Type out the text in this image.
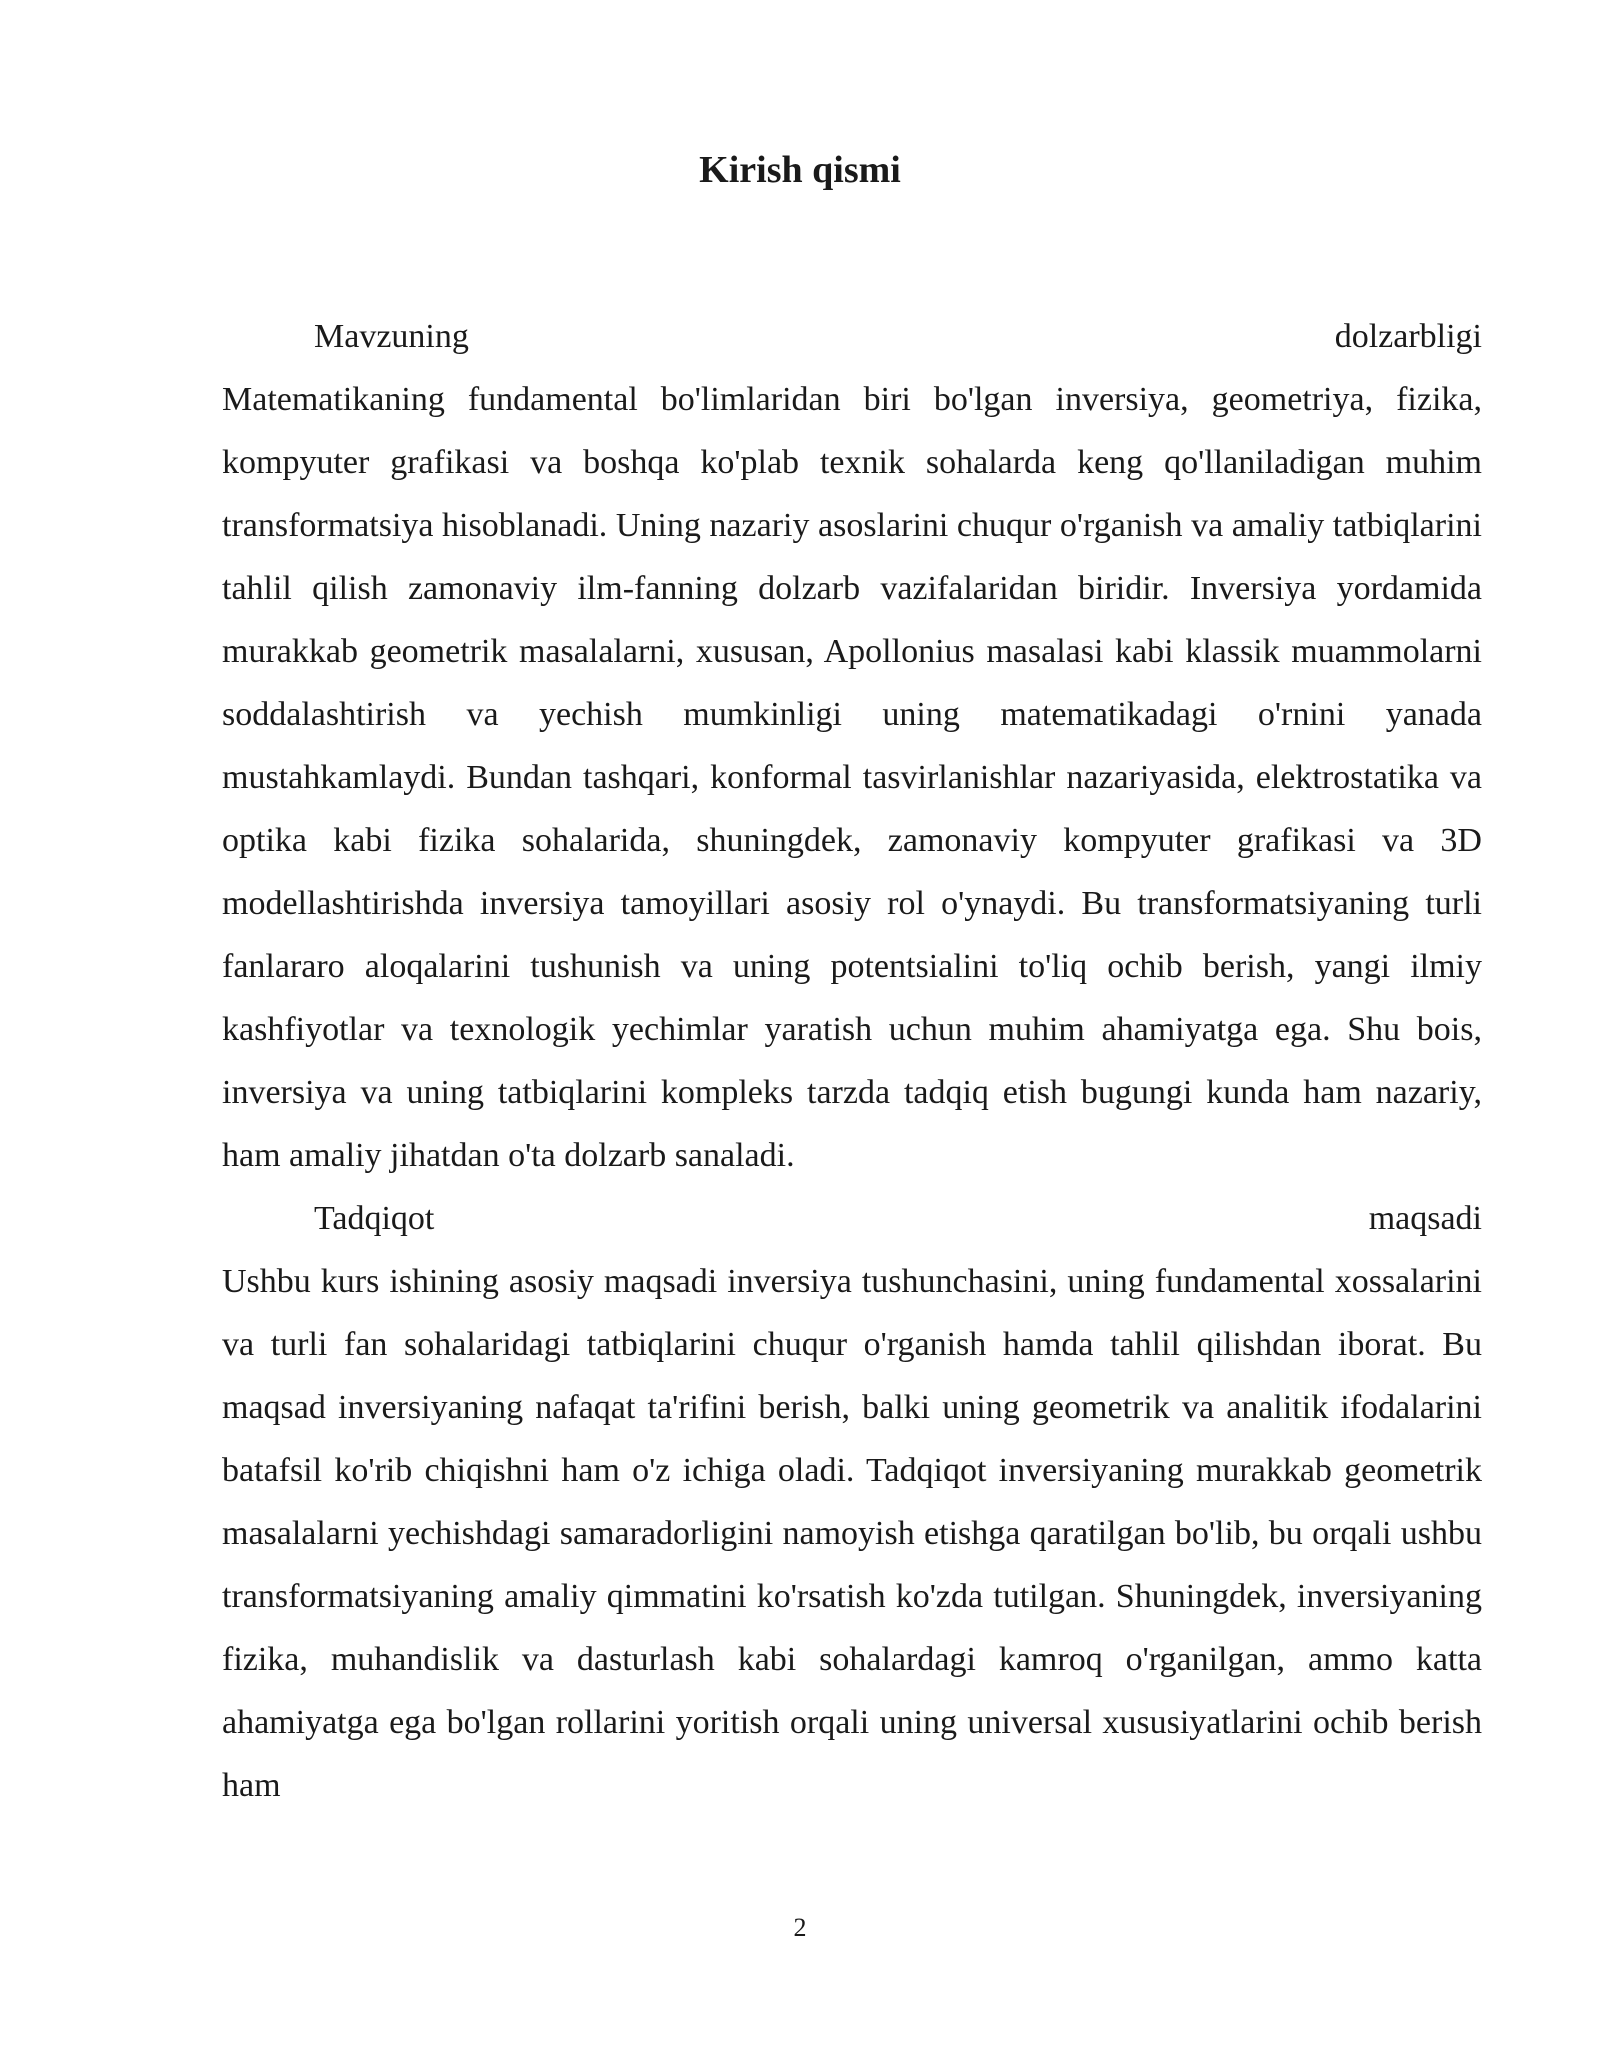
Kirish qismi
Mavzuning	dolzarbligi

Matematikaning fundamental bo'limlaridan biri bo'lgan inversiya, geometriya, fizika, kompyuter grafikasi va boshqa ko'plab texnik sohalarda keng qo'llaniladigan muhim transformatsiya hisoblanadi. Uning nazariy asoslarini chuqur o'rganish va amaliy tatbiqlarini tahlil qilish zamonaviy ilm-fanning dolzarb vazifalaridan biridir. Inversiya yordamida murakkab geometrik masalalarni, xususan, Apollonius masalasi kabi klassik muammolarni soddalashtirish va yechish mumkinligi uning matematikadagi o'rnini yanada mustahkamlaydi. Bundan tashqari, konformal tasvirlanishlar nazariyasida, elektrostatika va optika kabi fizika sohalarida, shuningdek, zamonaviy kompyuter grafikasi va 3D modellashtirishda inversiya tamoyillari asosiy rol o'ynaydi. Bu transformatsiyaning turli fanlararo aloqalarini tushunish va uning potentsialini to'liq ochib berish, yangi ilmiy kashfiyotlar va texnologik yechimlar yaratish uchun muhim ahamiyatga ega. Shu bois, inversiya va uning tatbiqlarini kompleks tarzda tadqiq etish bugungi kunda ham nazariy, ham amaliy jihatdan o'ta dolzarb sanaladi.

Tadqiqot	maqsadi

Ushbu kurs ishining asosiy maqsadi inversiya tushunchasini, uning fundamental xossalarini va turli fan sohalaridagi tatbiqlarini chuqur o'rganish hamda tahlil qilishdan iborat. Bu maqsad inversiyaning nafaqat ta'rifini berish, balki uning geometrik va analitik ifodalarini batafsil ko'rib chiqishni ham o'z ichiga oladi. Tadqiqot inversiyaning murakkab geometrik masalalarni yechishdagi samaradorligini namoyish etishga qaratilgan bo'lib, bu orqali ushbu transformatsiyaning amaliy qimmatini ko'rsatish ko'zda tutilgan. Shuningdek, inversiyaning fizika, muhandislik va dasturlash kabi sohalardagi kamroq o'rganilgan, ammo katta ahamiyatga ega bo'lgan rollarini yoritish orqali uning universal xususiyatlarini ochib berish ham

2
